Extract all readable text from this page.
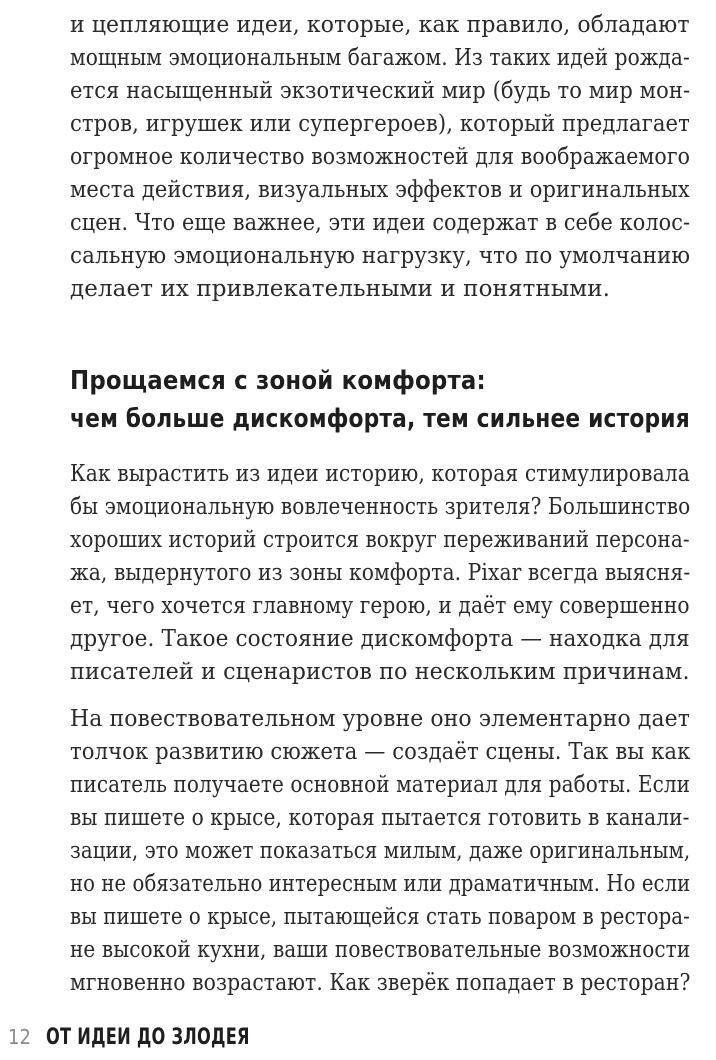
и цепляющие идеи, которые, как правило, обладают
мощным эмоциональным багажом. Из таких идей рожда-
ется насыщенный экзотический мир (будь то мир мон-
стров, игрушек или супергероев), который предлагает
огромное количество возможностей для воображаемого
места действия, визуальных эффектов и оригинальных
сцен. Что еще важнее, эти идеи содержат в себе колос-
сальную эмоциональную нагрузку, что по умолчанию
делает их привлекательными и понятными.
Прощаемся с зоной комфорта:
чем больше дискомфорта, тем сильнее история
Как вырастить из идеи историю, которая стимулировала
бы эмоциональную вовлеченность зрителя? Большинство
хороших историй строится вокруг переживаний персона-
жа, выдернутого из зоны комфорта. Pixar всегда выясня-
ет, чего хочется главному герою, и даёт ему совершенно
другое. Такое состояние дискомфорта — находка для
писателей и сценаристов по нескольким причинам.
На повествовательном уровне оно элементарно дает
толчок развитию сюжета — создаёт сцены. Так вы как
писатель получаете основной материал для работы. Если
вы пишете о крысе, которая пытается готовить в канали-
зации, это может показаться милым, даже оригинальным,
но не обязательно интересным или драматичным. Но если
вы пишете о крысе, пытающейся стать поваром в рестора-
не высокой кухни, ваши повествовательные возможности
мгновенно возрастают. Как зверёк попадает в ресторан?
12 ОТ ИДЕИ ДО ЗЛОДЕЯ
